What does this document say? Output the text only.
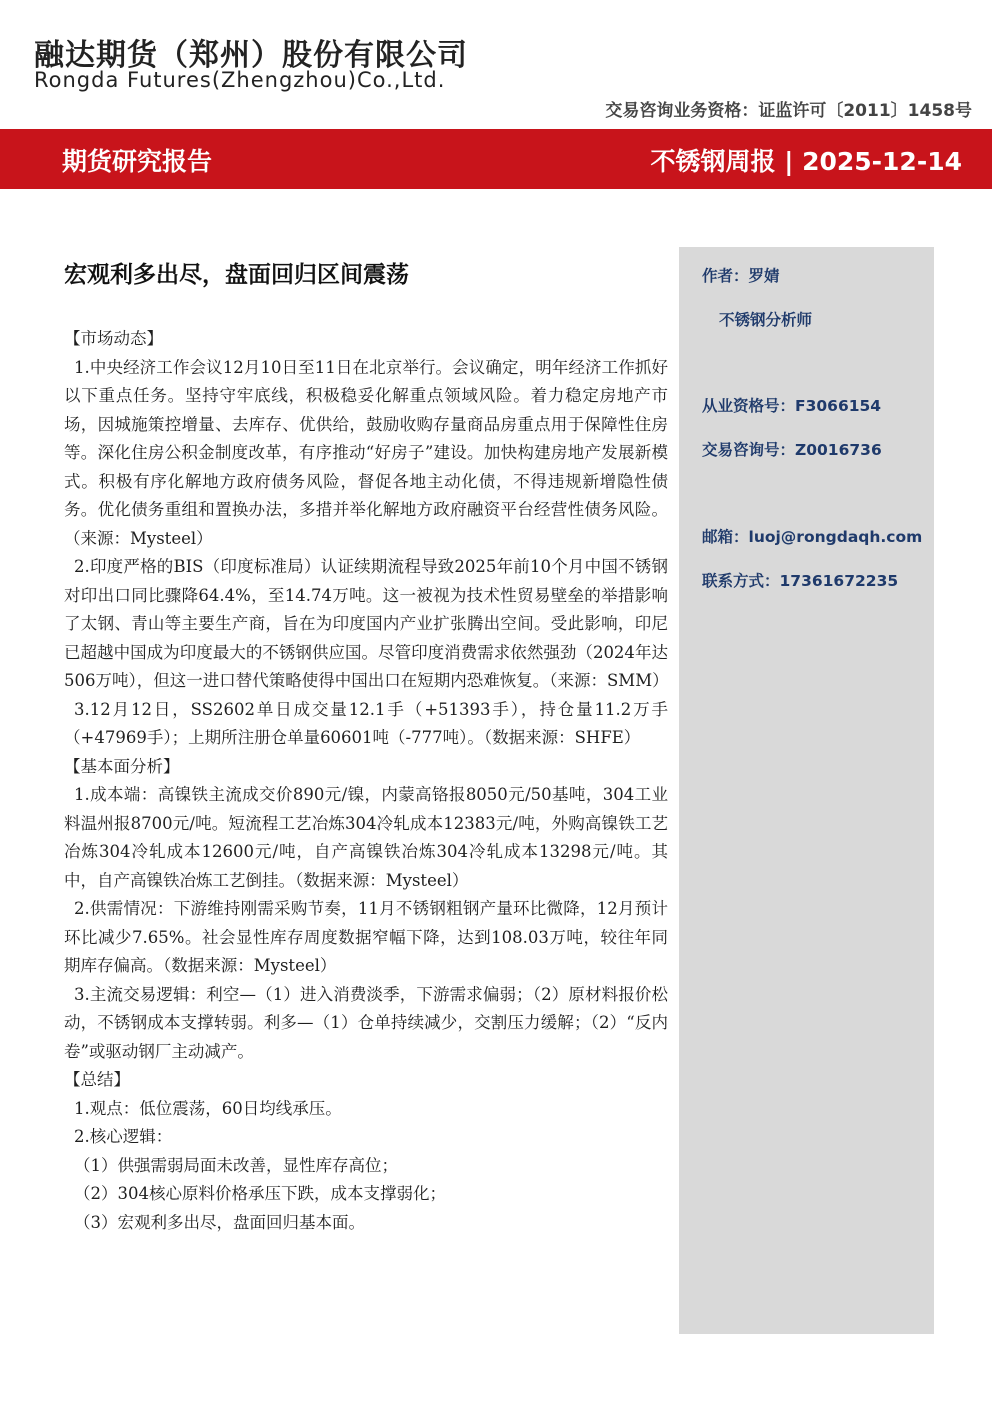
融达期货（郑州）股份有限公司
Rongda Futures(Zhengzhou)Co.,Ltd.
交易咨询业务资格：证监许可〔2011〕1458号
期货研究报告	不锈钢周报 | 2025-12-14
宏观利多出尽，盘面回归区间震荡
【市场动态】
1.中央经济工作会议12月10日至11日在北京举行。会议确定，明年经济工作抓好以下重点任务。坚持守牢底线，积极稳妥化解重点领域风险。着力稳定房地产市场，因城施策控增量、去库存、优供给，鼓励收购存量商品房重点用于保障性住房等。深化住房公积金制度改革，有序推动“好房子”建设。加快构建房地产发展新模式。积极有序化解地方政府债务风险，督促各地主动化债，不得违规新增隐性债务。优化债务重组和置换办法，多措并举化解地方政府融资平台经营性债务风险。（来源：Mysteel）
2.印度严格的BIS（印度标准局）认证续期流程导致2025年前10个月中国不锈钢对印出口同比骤降64.4%，至14.74万吨。这一被视为技术性贸易壁垒的举措影响了太钢、青山等主要生产商，旨在为印度国内产业扩张腾出空间。受此影响，印尼已超越中国成为印度最大的不锈钢供应国。尽管印度消费需求依然强劲（2024年达506万吨），但这一进口替代策略使得中国出口在短期内恐难恢复。（来源：SMM）
3.12月12日，SS2602单日成交量12.1手（+51393手），持仓量11.2万手（+47969手）；上期所注册仓单量60601吨（-777吨）。（数据来源：SHFE）
【基本面分析】
1.成本端：高镍铁主流成交价890元/镍，内蒙高铬报8050元/50基吨，304工业料温州报8700元/吨。短流程工艺冶炼304冷轧成本12383元/吨，外购高镍铁工艺冶炼304冷轧成本12600元/吨，自产高镍铁冶炼304冷轧成本13298元/吨。其中，自产高镍铁冶炼工艺倒挂。（数据来源：Mysteel）
2.供需情况：下游维持刚需采购节奏，11月不锈钢粗钢产量环比微降，12月预计环比减少7.65%。社会显性库存周度数据窄幅下降，达到108.03万吨，较往年同期库存偏高。（数据来源：Mysteel）
3.主流交易逻辑：利空—（1）进入消费淡季，下游需求偏弱；（2）原材料报价松动，不锈钢成本支撑转弱。利多—（1）仓单持续减少，交割压力缓解；（2）“反内卷”或驱动钢厂主动减产。
【总结】
1.观点：低位震荡，60日均线承压。
2.核心逻辑：
（1）供强需弱局面未改善，显性库存高位；
（2）304核心原料价格承压下跌，成本支撑弱化；
（3）宏观利多出尽，盘面回归基本面。
作者：罗婧
不锈钢分析师
从业资格号：F3066154
交易咨询号：Z0016736
邮箱：luoj@rongdaqh.com
联系方式：17361672235
